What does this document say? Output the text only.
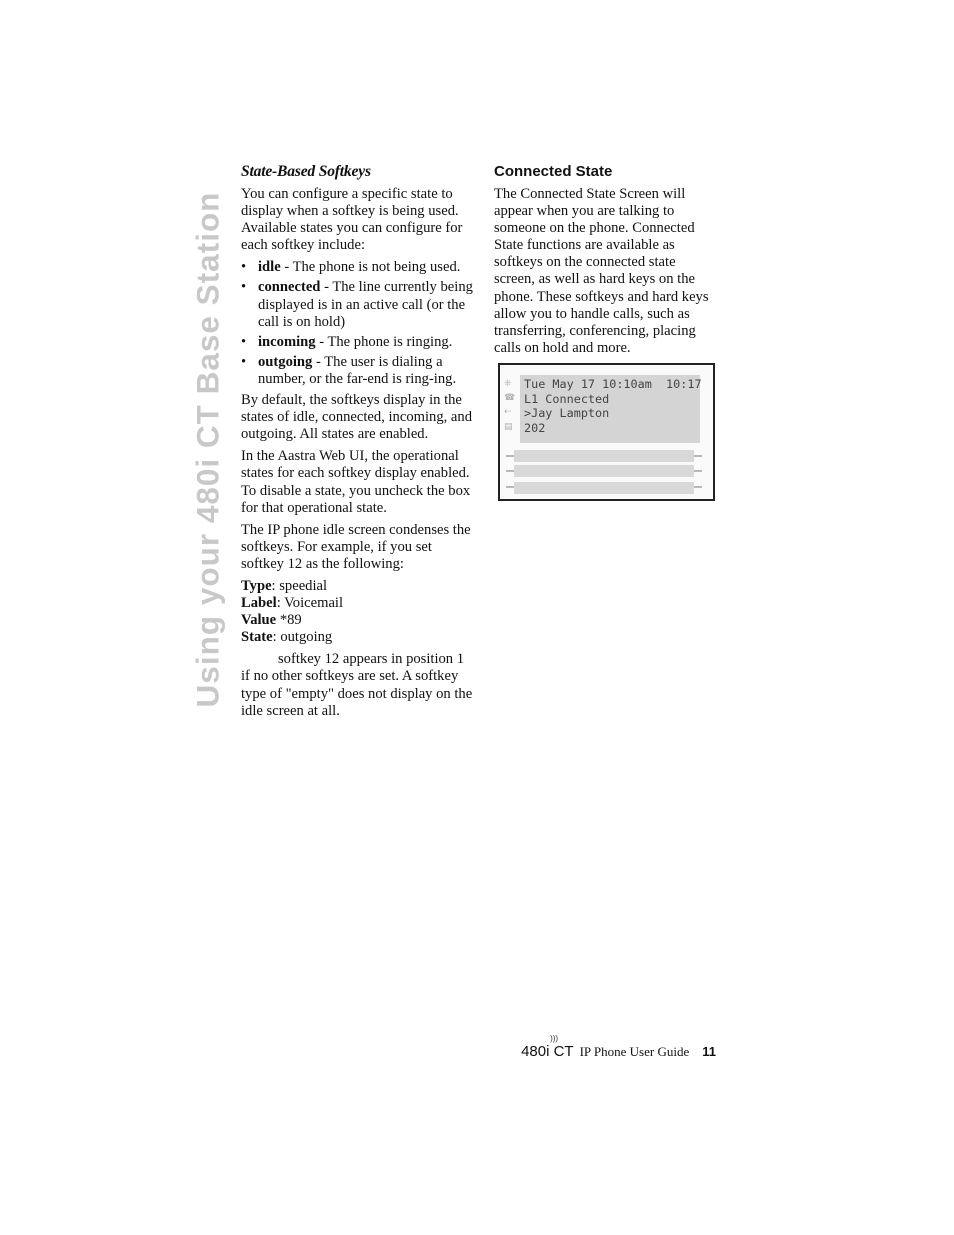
Using your 480i CT Base Station
State-Based Softkeys

You can configure a specific state to display when a softkey is being used. Available states you can configure for each softkey include:

• idle - The phone is not being used.
• connected - The line currently being displayed is in an active call (or the call is on hold)
• incoming - The phone is ringing.
• outgoing - The user is dialing a number, or the far-end is ring-ing.

By default, the softkeys display in the states of idle, connected, incoming, and outgoing. All states are enabled.

In the Aastra Web UI, the operational states for each softkey display enabled. To disable a state, you uncheck the box for that operational state.

The IP phone idle screen condenses the softkeys. For example, if you set softkey 12 as the following:

Type: speedial
Label: Voicemail
Value *89
State: outgoing

softkey 12 appears in position 1 if no other softkeys are set. A softkey type of "empty" does not display on the idle screen at all.

Connected State

The Connected State Screen will appear when you are talking to someone on the phone. Connected State functions are available as softkeys on the connected state screen, as well as hard keys on the phone. These softkeys and hard keys allow you to handle calls, such as transferring, conferencing, placing calls on hold and more.

⁜
☎
⇠
▤
Tue May 17 10:10am  10:17
L1 Connected
>Jay Lampton
202
480i CT
)))
IP Phone User Guide 11
